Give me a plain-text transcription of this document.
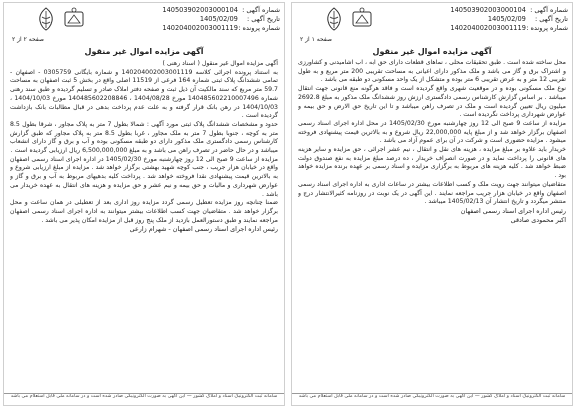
شماره آگهی : 140503902003000104
تاریخ آگهی : 1405/02/09
شماره پرونده : 140204002003001119
صفحه ۲ از ۲
آگهی مزایده اموال غیر منقول

آگهی مزایده اموال غیر منقول ( اسناد رهنی )

به استناد پرونده اجرائی کلاسه 140204002003001119 و شماره بایگانی 0305759 - اصفهان - تمامی ششدانگ پلاک ثبتی شماره 164 فرعی از 11519 اصلی واقع در بخش 5 ثبت اصفهان به مساحت 59.7 متر مربع که سند مالکیت آن ذیل ثبت و صفحه دفتر املاک صادر و تسلیم گردیده و طبق سند رهنی شماره 140485602210007496 مورخ 1404/08/28 ، 140485602208846 مورخ 1404/10/03 ، 1404/10/03 در رهن بانک قرار گرفته و به علت عدم پرداخت بدهی در قبال مطالبات بانک بازداشت گردیده است .

حدود و مشخصات ششدانگ پلاک ثبتی مورد آگهی : شمالا بطول 7 متر به پلاک مجاور ، شرقا بطول 8.5 متر به کوچه ، جنوبا بطول 7 متر به ملک مجاور ، غربا بطول 8.5 متر به پلاک مجاور که طبق گزارش کارشناس رسمی دادگستری ملک مذکور دارای دو طبقه مسکونی بوده و آب و برق و گاز دارای انشعاب میباشد و در حال حاضر در تصرف راهن می باشد و به مبلغ 6,500,000,000 ریال ارزیابی گردیده است .

مزایده از ساعت 9 صبح الی 12 روز چهارشنبه مورخ 1405/02/30 در اداره اجرای اسناد رسمی اصفهان واقع در خیابان هزار جریب ، جنب کوچه شهید بهشتی برگزار خواهد شد . مزایده از مبلغ ارزیابی شروع و به بالاترین قیمت پیشنهادی نقدا فروخته خواهد شد . پرداخت کلیه بدهیهای مربوط به آب و برق و گاز و عوارض شهرداری و مالیات و حق بیمه و نیم عشر و حق مزایده و هزینه های انتقال به عهده خریدار می باشد .

ضمنا چنانچه روز مزایده تعطیل رسمی گردد مزایده روز اداری بعد از تعطیلی در همان ساعت و محل برگزار خواهد شد . متقاضیان جهت کسب اطلاعات بیشتر میتوانند به اداره اجرای اسناد رسمی اصفهان مراجعه نمایند و طبق دستورالعمل بازدید از ملک پنج روز قبل از مزایده امکان پذیر می باشد .

رئیس اداره اجرای اسناد رسمی اصفهان - شهرام زارعی

سامانه ثبت الکترونیک اسناد و املاک کشور — این آگهی به صورت الکترونیکی صادر شده است و در سامانه ملی قابل استعلام می باشد
شماره آگهی : 140503902003000104
تاریخ آگهی : 1405/02/09
شماره پرونده : 140204002003001119
صفحه ۱ از ۲
آگهی مزایده اموال غیر منقول

محل ساخته شده است . طبق تحقیقات محلی ، نماهای قطعات دارای حق آبه ، آب آشامیدنی و کشاورزی و اشتراک برق و گاز می باشد و ملک مذکور دارای اعیانی به مساحت تقریبی 200 متر مربع و به طول تقریبی 12 متر و به عرض تقریبی 6 متر بوده و متشکل از یک واحد مسکونی دو طبقه می باشد .

نوع ملک مسکونی بوده و در موقعیت شهری واقع گردیده است و فاقد هرگونه منع قانونی جهت انتقال میباشد . بر اساس گزارش کارشناس رسمی دادگستری ارزش روز ششدانگ ملک مذکور به مبلغ 2692.8 میلیون ریال تعیین گردیده است و ملک در تصرف راهن میباشد و تا این تاریخ حق الارض و حق بیمه و عوارض شهرداری پرداخت نگردیده است .

مزایده از ساعت 9 صبح الی 12 روز چهارشنبه مورخ 1405/02/30 در محل اداره اجرای اسناد رسمی اصفهان برگزار خواهد شد و از مبلغ پایه 22,000,000 ریال شروع و به بالاترین قیمت پیشنهادی فروخته میشود . مزایده حضوری است و شرکت در آن برای عموم آزاد می باشد .

خریدار باید علاوه بر مبلغ مزایده ، هزینه های نقل و انتقال ، نیم عشر اجرائی ، حق مزایده و سایر هزینه های قانونی را پرداخت نماید و در صورت انصراف خریدار ، ده درصد مبلغ مزایده به نفع صندوق دولت ضبط خواهد شد . کلیه هزینه های مربوط به برگزاری مزایده و اسناد رسمی بر عهده برنده مزایده خواهد بود .

متقاضیان میتوانند جهت رویت ملک و کسب اطلاعات بیشتر در ساعات اداری به اداره اجرای اسناد رسمی اصفهان واقع در خیابان هزار جریب مراجعه نمایند . این آگهی در یک نوبت در روزنامه کثیرالانتشار درج و منتشر میگردد و تاریخ انتشار آن 1405/02/13 میباشد .

رئیس اداره اجرای اسناد رسمی اصفهان
اکبر محمودی صادقی

سامانه ثبت الکترونیک اسناد و املاک کشور — این آگهی به صورت الکترونیکی صادر شده است و در سامانه ملی قابل استعلام می باشد
